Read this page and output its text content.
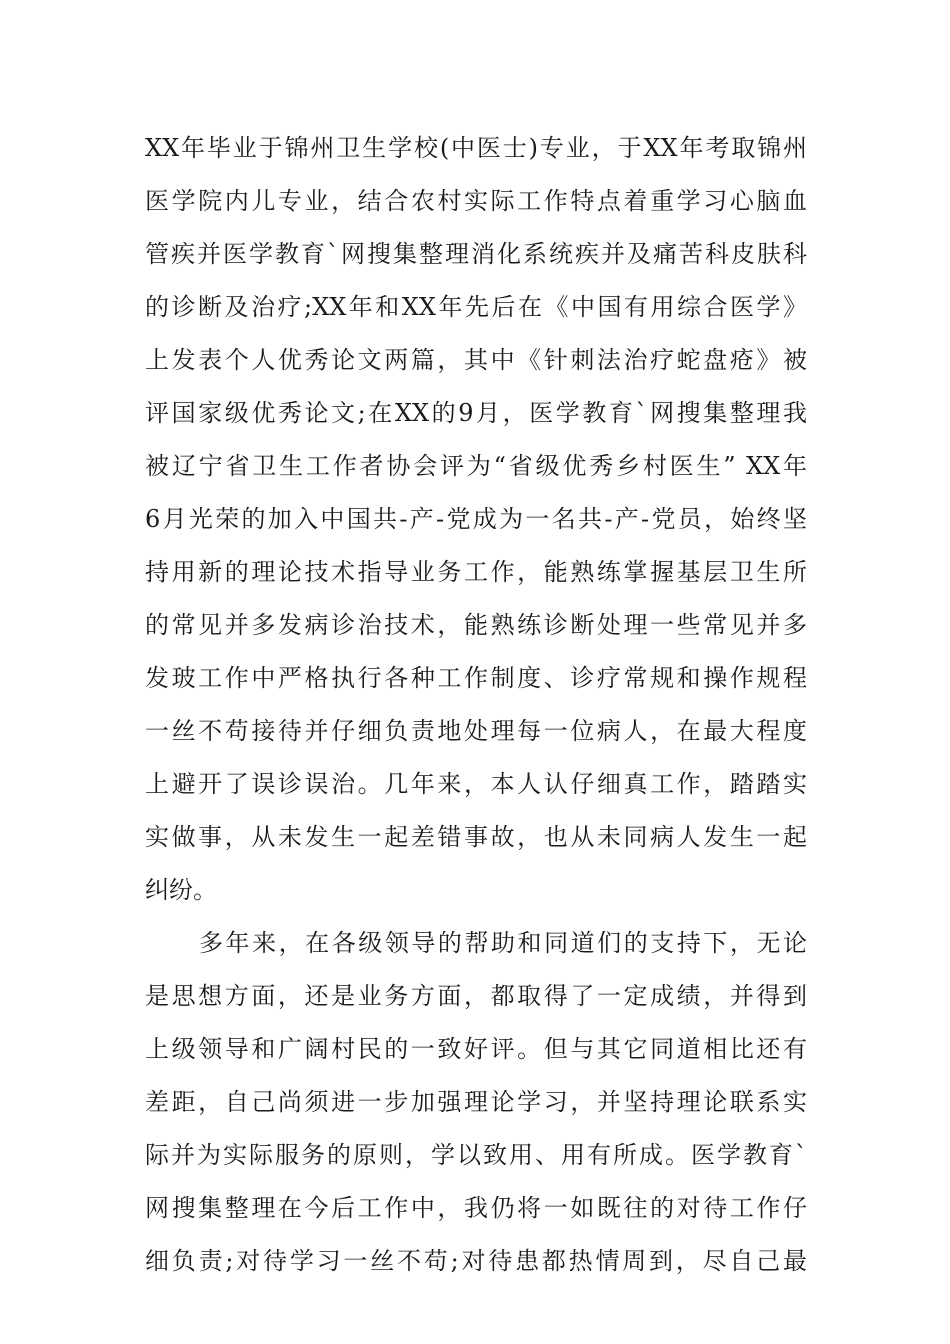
XX年毕业于锦州卫生学校(中医士)专业，于XX年考取锦州
医学院内儿专业，结合农村实际工作特点着重学习心脑血
管疾并医学教育`网搜集整理消化系统疾并及痛苦科皮肤科
的诊断及治疗;XX年和XX年先后在《中国有用综合医学》
上发表个人优秀论文两篇，其中《针刺法治疗蛇盘疮》被
评国家级优秀论文;在XX的9月，医学教育`网搜集整理我
被辽宁省卫生工作者协会评为“省级优秀乡村医生” XX年
6月光荣的加入中国共-产-党成为一名共-产-党员，始终坚
持用新的理论技术指导业务工作，能熟练掌握基层卫生所
的常见并多发病诊治技术，能熟练诊断处理一些常见并多
发玻工作中严格执行各种工作制度、诊疗常规和操作规程
一丝不苟接待并仔细负责地处理每一位病人，在最大程度
上避开了误诊误治。几年来，本人认仔细真工作，踏踏实
实做事，从未发生一起差错事故，也从未同病人发生一起
纠纷。
多年来，在各级领导的帮助和同道们的支持下，无论
是思想方面，还是业务方面，都取得了一定成绩，并得到
上级领导和广阔村民的一致好评。但与其它同道相比还有
差距，自己尚须进一步加强理论学习，并坚持理论联系实
际并为实际服务的原则，学以致用、用有所成。医学教育`
网搜集整理在今后工作中，我仍将一如既往的对待工作仔
细负责;对待学习一丝不苟;对待患都热情周到，尽自己最
